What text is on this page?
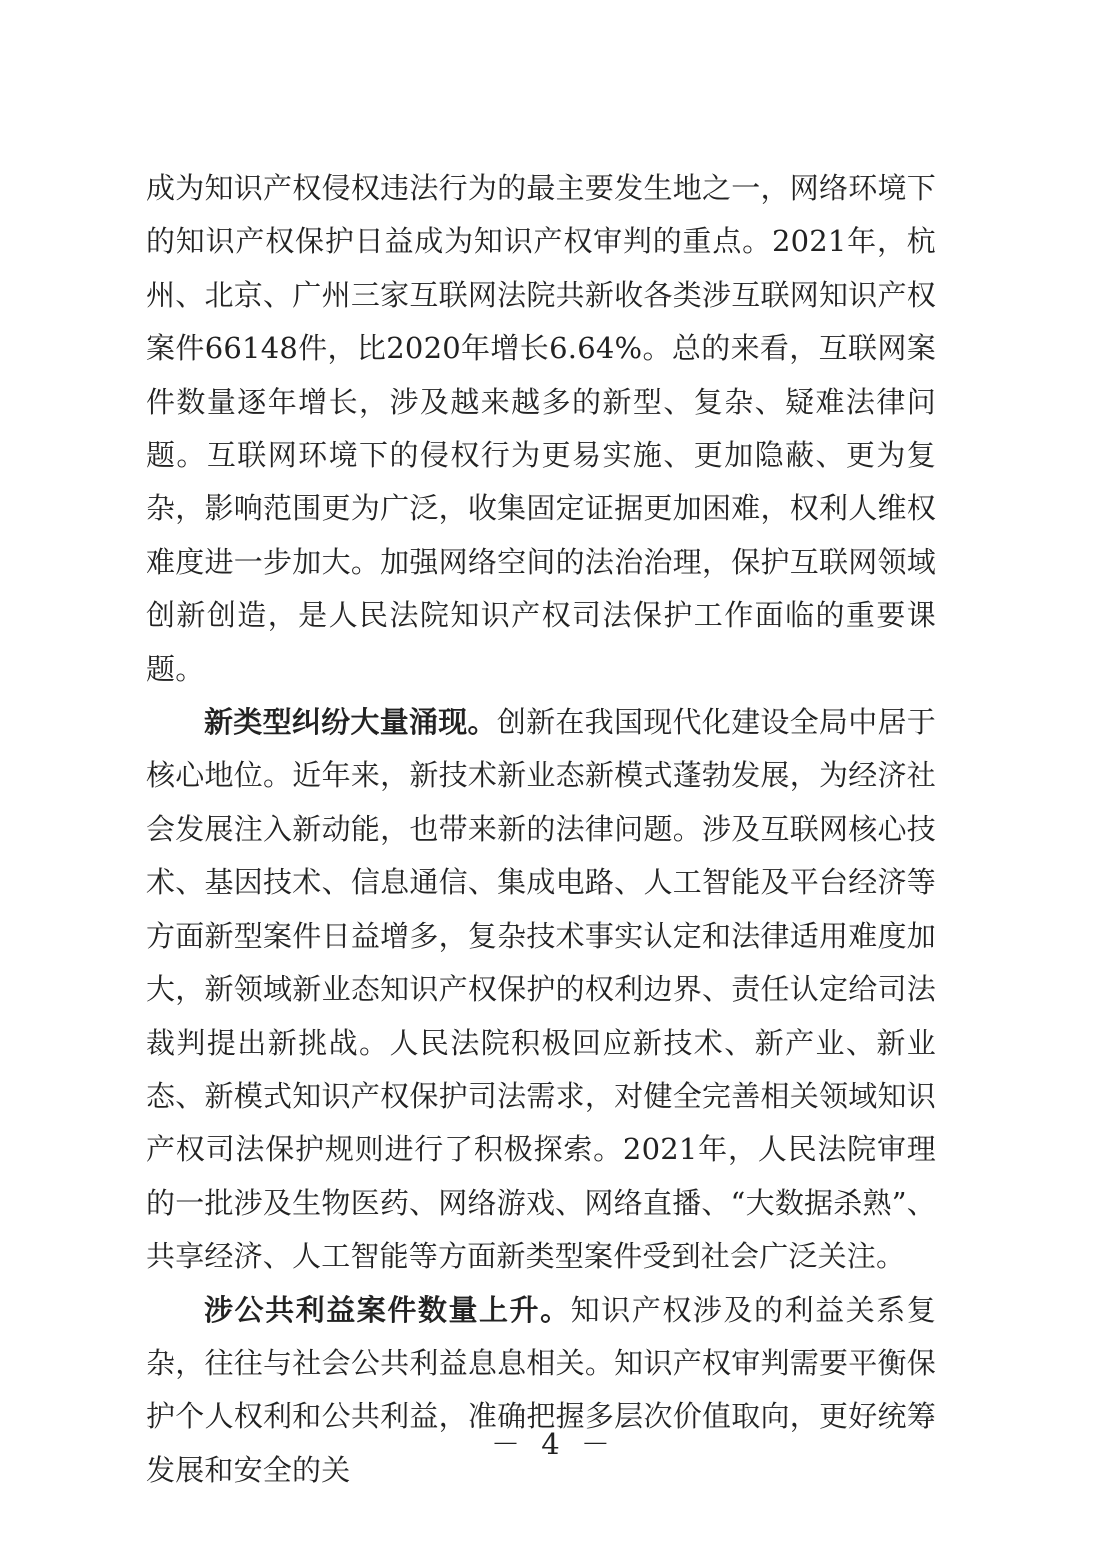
成为知识产权侵权违法行为的最主要发生地之一，网络环境下的知识产权保护日益成为知识产权审判的重点。2021年，杭州、北京、广州三家互联网法院共新收各类涉互联网知识产权案件66148件，比2020年增长6.64%。总的来看，互联网案件数量逐年增长，涉及越来越多的新型、复杂、疑难法律问题。互联网环境下的侵权行为更易实施、更加隐蔽、更为复杂，影响范围更为广泛，收集固定证据更加困难，权利人维权难度进一步加大。加强网络空间的法治治理，保护互联网领域创新创造，是人民法院知识产权司法保护工作面临的重要课题。

新类型纠纷大量涌现。创新在我国现代化建设全局中居于核心地位。近年来，新技术新业态新模式蓬勃发展，为经济社会发展注入新动能，也带来新的法律问题。涉及互联网核心技术、基因技术、信息通信、集成电路、人工智能及平台经济等方面新型案件日益增多，复杂技术事实认定和法律适用难度加大，新领域新业态知识产权保护的权利边界、责任认定给司法裁判提出新挑战。人民法院积极回应新技术、新产业、新业态、新模式知识产权保护司法需求，对健全完善相关领域知识产权司法保护规则进行了积极探索。2021年，人民法院审理的一批涉及生物医药、网络游戏、网络直播、“大数据杀熟”、共享经济、人工智能等方面新类型案件受到社会广泛关注。

涉公共利益案件数量上升。知识产权涉及的利益关系复杂，往往与社会公共利益息息相关。知识产权审判需要平衡保护个人权利和公共利益，准确把握多层次价值取向，更好统筹发展和安全的关

－ 4 －
